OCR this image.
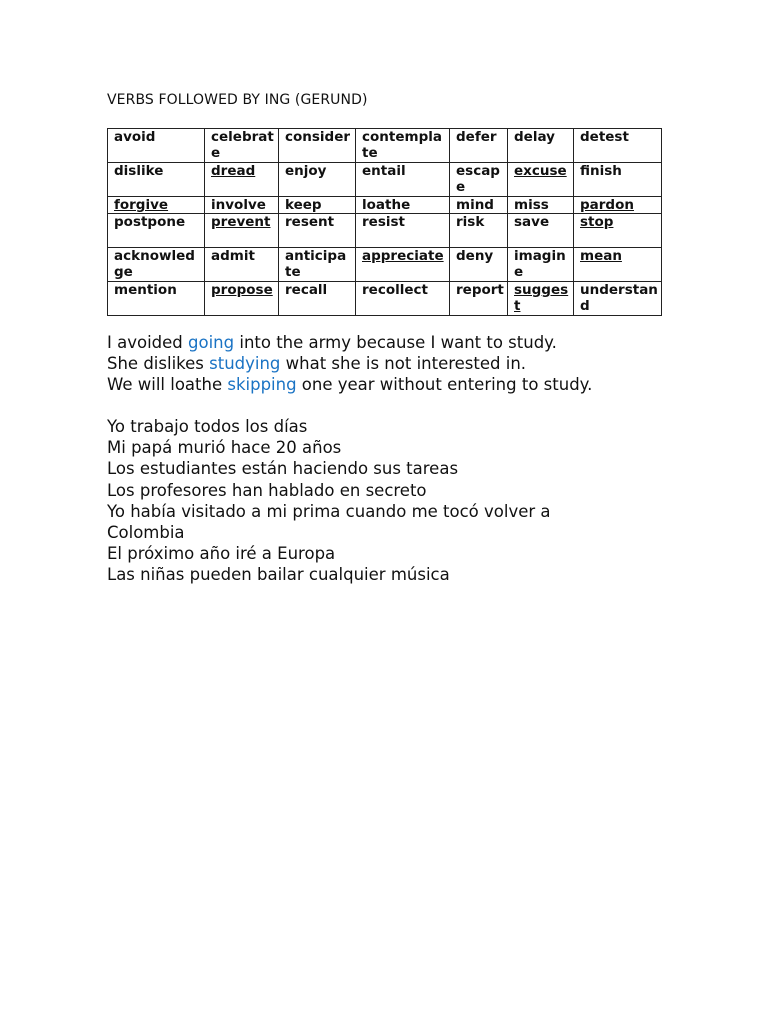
VERBS FOLLOWED BY ING (GERUND)
avoid	celebrate	consider	contemplate	defer	delay	detest
dislike	dread	enjoy	entail	escape	excuse	finish
forgive	involve	keep	loathe	mind	miss	pardon
postpone	prevent	resent	resist	risk	save	stop
acknowledge	admit	anticipate	appreciate	deny	imagine	mean
mention	propose	recall	recollect	report	suggest	understand

I avoided going into the army because I want to study.

She dislikes studying what she is not interested in.

We will loathe skipping one year without entering to study.

Yo trabajo todos los días

Mi papá murió hace 20 años

Los estudiantes están haciendo sus tareas

Los profesores han hablado en secreto

Yo había visitado a mi prima cuando me tocó volver a Colombia

El próximo año iré a Europa

Las niñas pueden bailar cualquier música
